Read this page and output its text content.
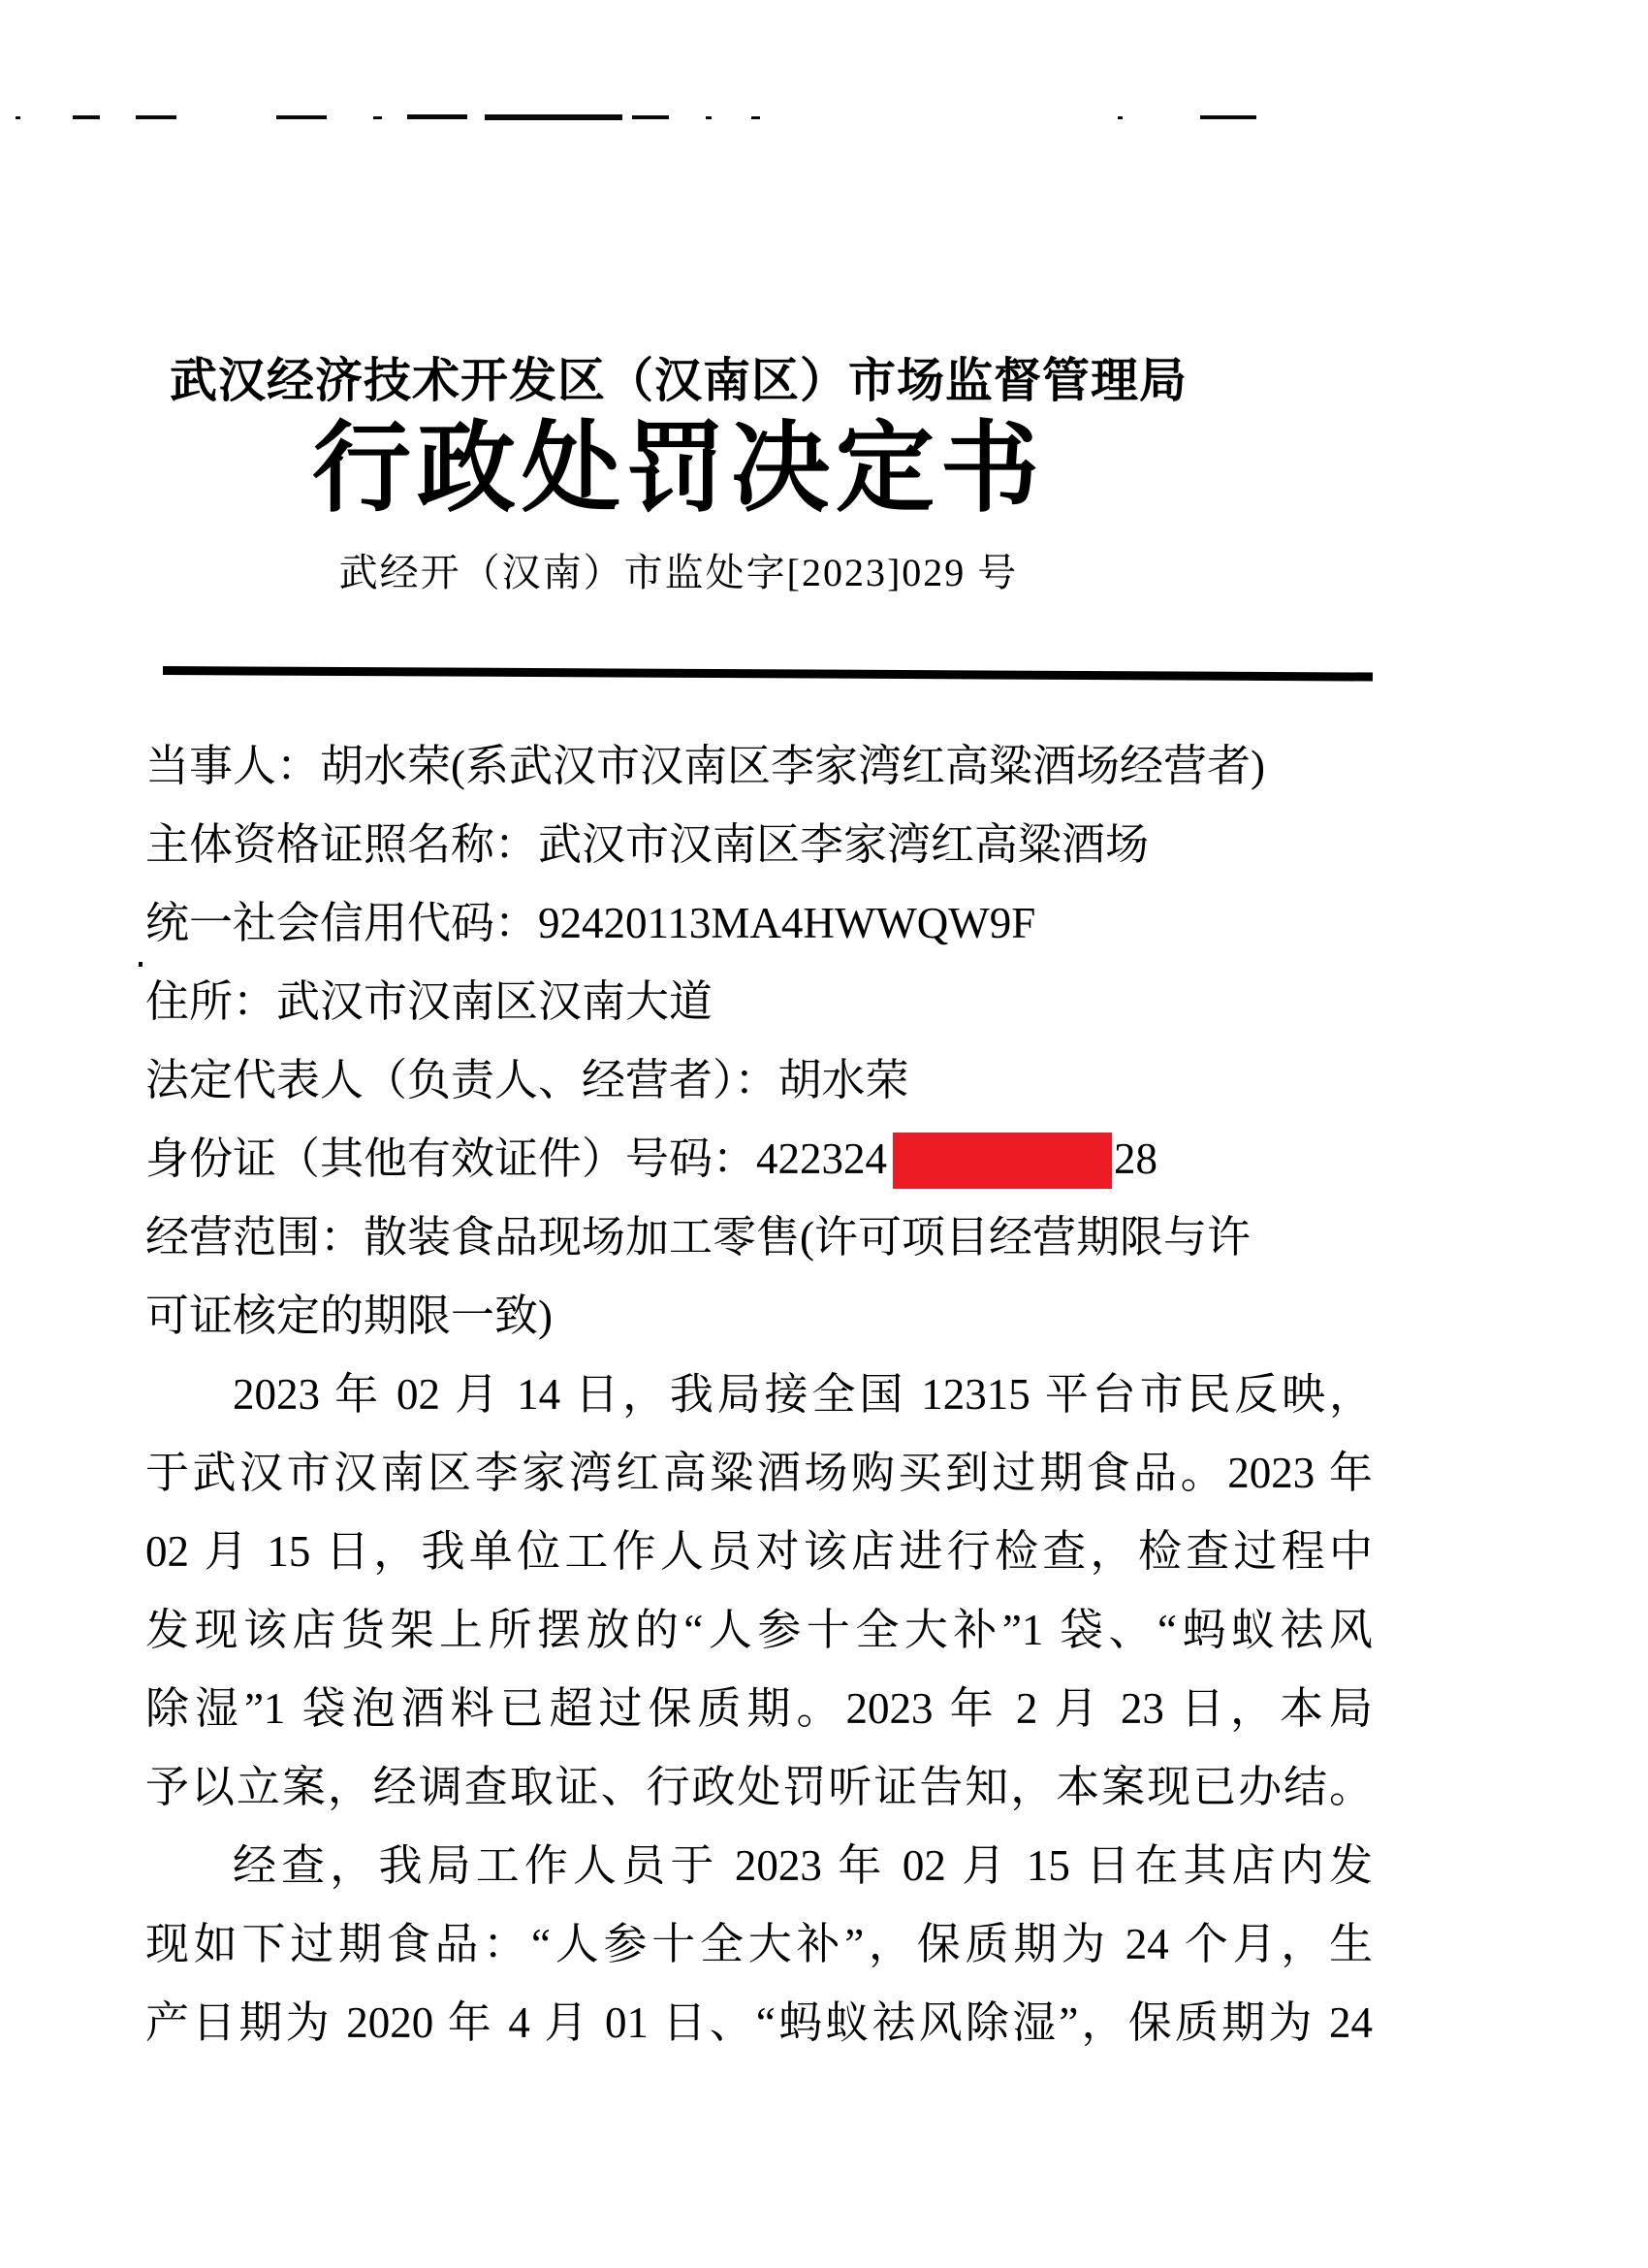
武汉经济技术开发区（汉南区）市场监督管理局
行政处罚决定书
武经开（汉南）市监处字[2023]029 号
当事人：胡水荣(系武汉市汉南区李家湾红高粱酒场经营者)
主体资格证照名称：武汉市汉南区李家湾红高粱酒场
统一社会信用代码：92420113MA4HWWQW9F
住所：武汉市汉南区汉南大道
法定代表人（负责人、经营者）：胡水荣
身份证（其他有效证件）号码：422324	28
经营范围：散装食品现场加工零售(许可项目经营期限与许
可证核定的期限一致)
2023 年 02 月 14 日，我局接全国 12315 平台市民反映，
于武汉市汉南区李家湾红高粱酒场购买到过期食品。2023 年
02 月 15 日，我单位工作人员对该店进行检查，检查过程中
发现该店货架上所摆放的“人参十全大补”1 袋、“蚂蚁祛风
除湿”1 袋泡酒料已超过保质期。2023 年 2 月 23 日，本局
予以立案，经调查取证、行政处罚听证告知，本案现已办结。
经查，我局工作人员于 2023 年 02 月 15 日在其店内发
现如下过期食品：“人参十全大补”，保质期为 24 个月，生
产日期为 2020 年 4 月 01 日、“蚂蚁祛风除湿”，保质期为 24
